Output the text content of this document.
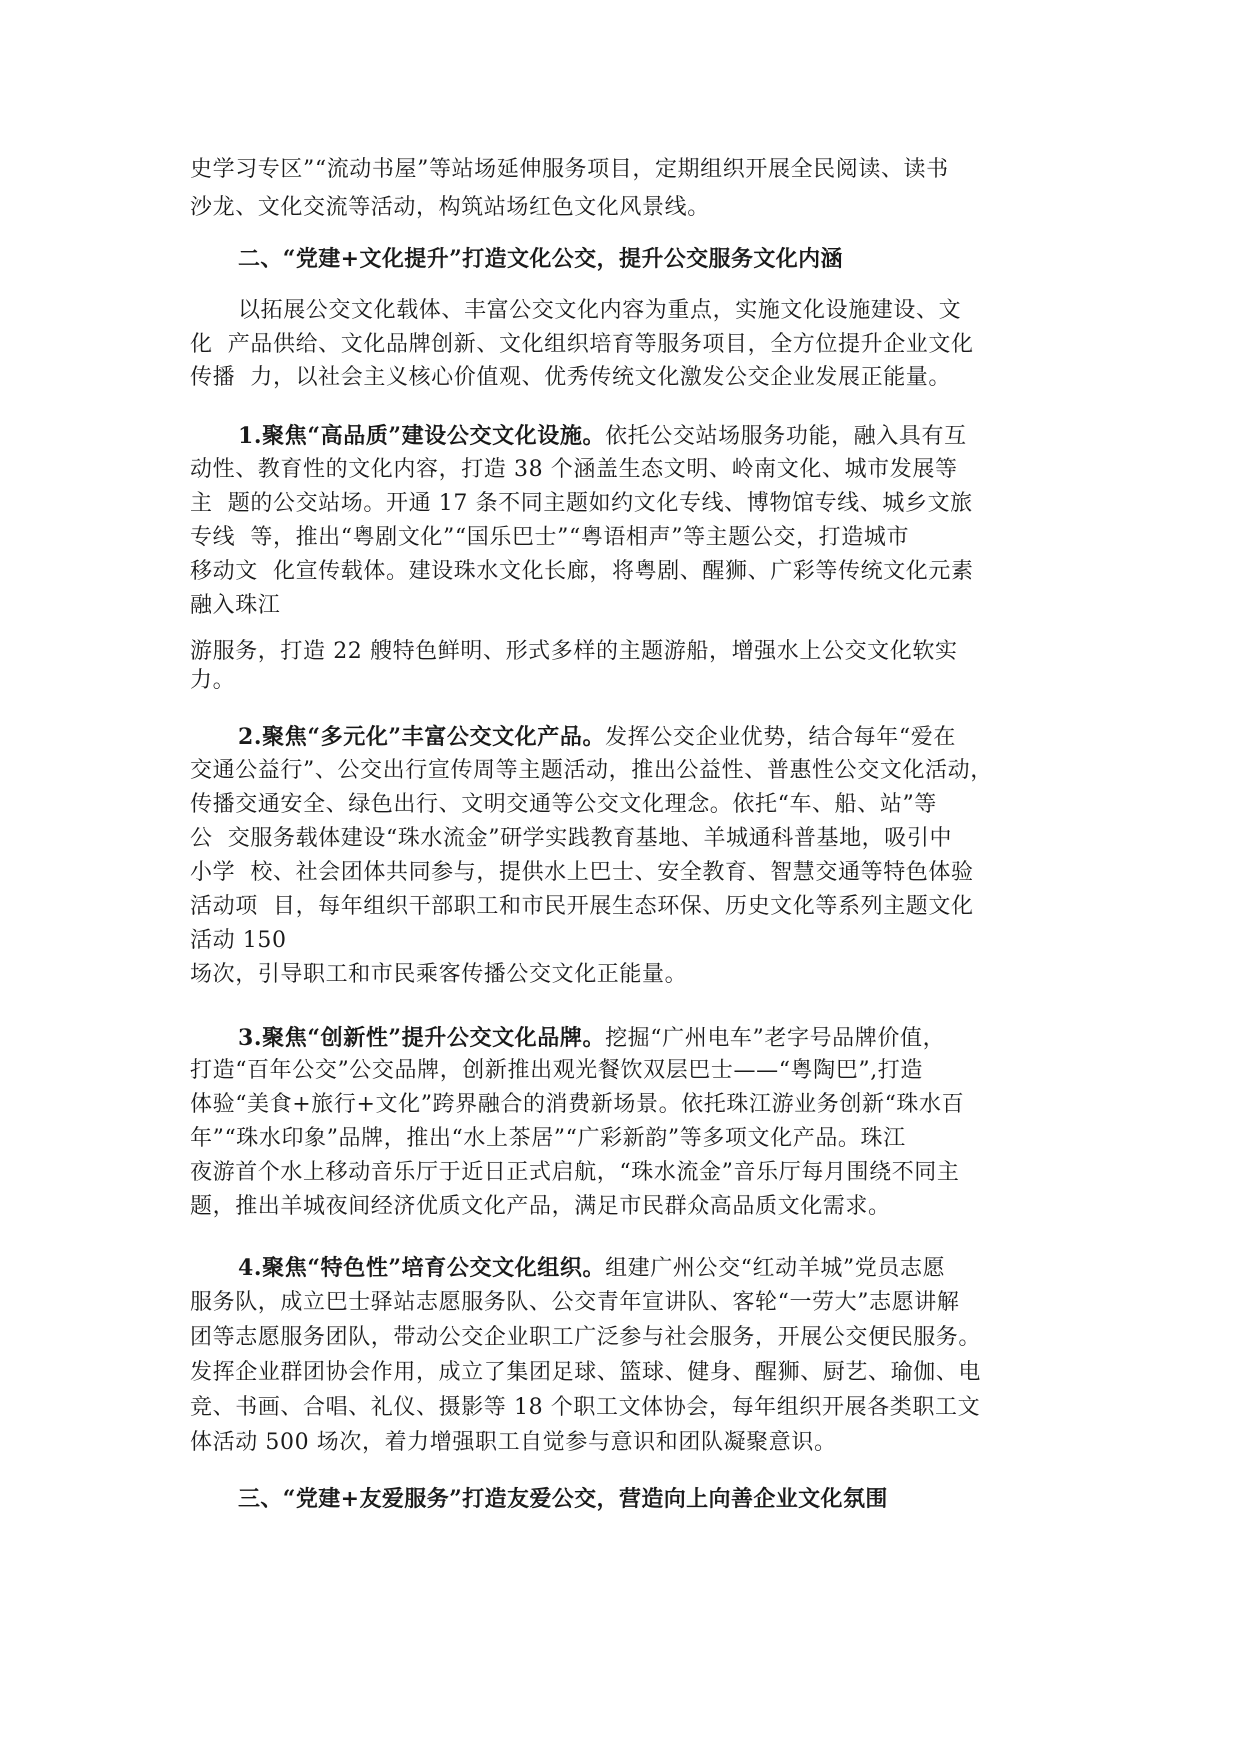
史学习专区”“流动书屋”等站场延伸服务项目，定期组织开展全民阅读、读书
沙龙、文化交流等活动，构筑站场红色文化风景线。
二、“党建+文化提升”打造文化公交，提升公交服务文化内涵
以拓展公交文化载体、丰富公交文化内容为重点，实施文化设施建设、文
化  产品供给、文化品牌创新、文化组织培育等服务项目，全方位提升企业文化
传播  力，以社会主义核心价值观、优秀传统文化激发公交企业发展正能量。
1.聚焦“高品质”建设公交文化设施。依托公交站场服务功能，融入具有互
动性、教育性的文化内容，打造 38 个涵盖生态文明、岭南文化、城市发展等
主  题的公交站场。开通 17 条不同主题如约文化专线、博物馆专线、城乡文旅
专线  等，推出“粤剧文化”“国乐巴士”“粤语相声”等主题公交，打造城市
移动文  化宣传载体。建设珠水文化长廊，将粤剧、醒狮、广彩等传统文化元素
融入珠江
游服务，打造 22 艘特色鲜明、形式多样的主题游船，增强水上公交文化软实
力。
2.聚焦“多元化”丰富公交文化产品。发挥公交企业优势，结合每年“爱在
交通公益行”、公交出行宣传周等主题活动，推出公益性、普惠性公交文化活动，
传播交通安全、绿色出行、文明交通等公交文化理念。依托“车、船、站”等
公  交服务载体建设“珠水流金”研学实践教育基地、羊城通科普基地，吸引中
小学  校、社会团体共同参与，提供水上巴士、安全教育、智慧交通等特色体验
活动项  目，每年组织干部职工和市民开展生态环保、历史文化等系列主题文化
活动 150
场次，引导职工和市民乘客传播公交文化正能量。
3.聚焦“创新性”提升公交文化品牌。挖掘“广州电车”老字号品牌价值，
打造“百年公交”公交品牌，创新推出观光餐饮双层巴士——“粤陶巴”,打造
体验“美食+旅行+文化”跨界融合的消费新场景。依托珠江游业务创新“珠水百
年”“珠水印象”品牌，推出“水上茶居”“广彩新韵”等多项文化产品。珠江
夜游首个水上移动音乐厅于近日正式启航，“珠水流金”音乐厅每月围绕不同主
题，推出羊城夜间经济优质文化产品，满足市民群众高品质文化需求。
4.聚焦“特色性”培育公交文化组织。组建广州公交“红动羊城”党员志愿
服务队，成立巴士驿站志愿服务队、公交青年宣讲队、客轮“一劳大”志愿讲解
团等志愿服务团队，带动公交企业职工广泛参与社会服务，开展公交便民服务。
发挥企业群团协会作用，成立了集团足球、篮球、健身、醒狮、厨艺、瑜伽、电
竞、书画、合唱、礼仪、摄影等 18 个职工文体协会，每年组织开展各类职工文
体活动 500 场次，着力增强职工自觉参与意识和团队凝聚意识。
三、“党建+友爱服务”打造友爱公交，营造向上向善企业文化氛围
